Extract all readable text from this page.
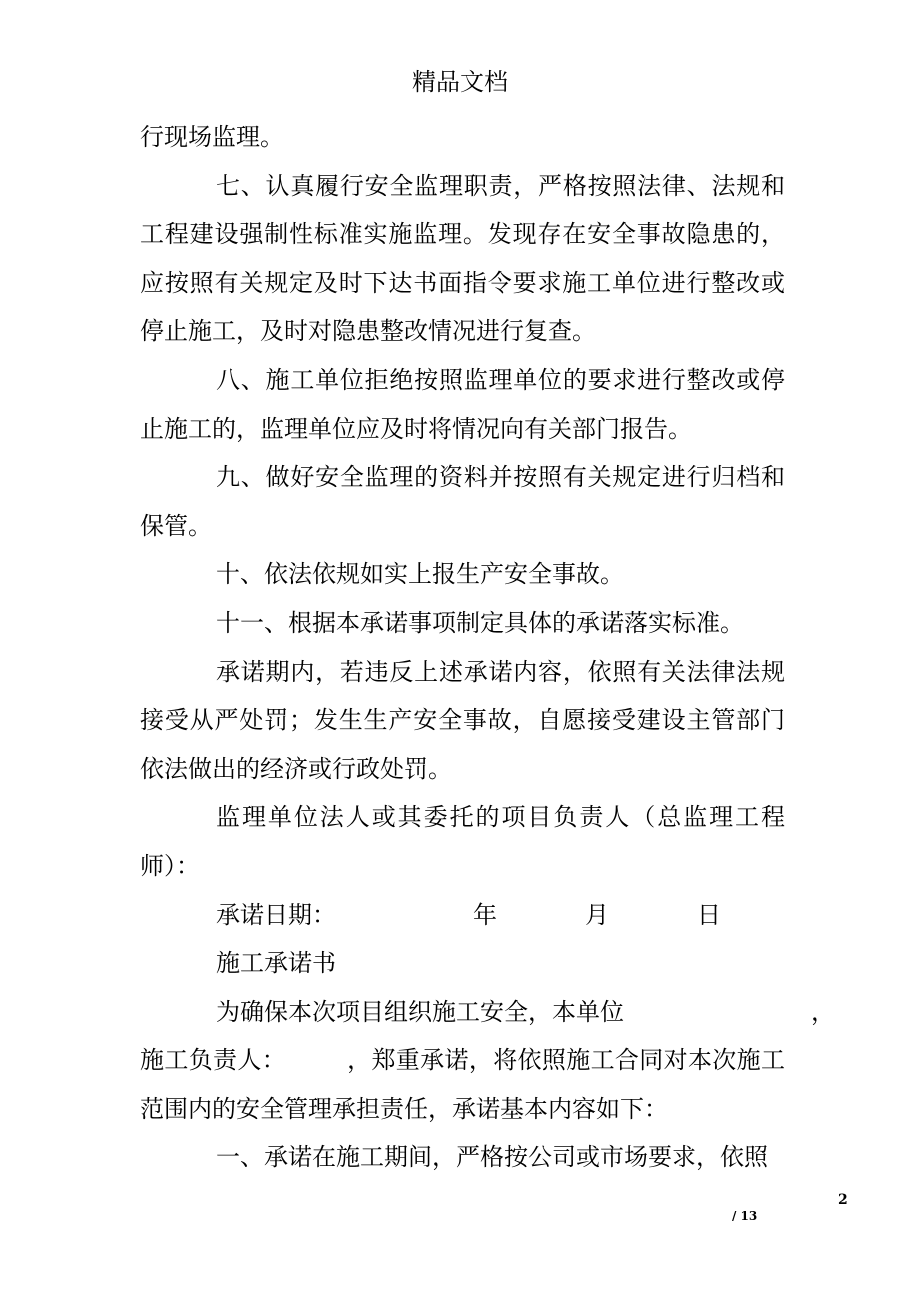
精品文档

行现场监理。

七、认真履行安全监理职责，严格按照法律、法规和工程建设强制性标准实施监理。发现存在安全事故隐患的，应按照有关规定及时下达书面指令要求施工单位进行整改或停止施工，及时对隐患整改情况进行复查。

八、施工单位拒绝按照监理单位的要求进行整改或停止施工的，监理单位应及时将情况向有关部门报告。

九、做好安全监理的资料并按照有关规定进行归档和保管。

十、依法依规如实上报生产安全事故。

十一、根据本承诺事项制定具体的承诺落实标准。

承诺期内，若违反上述承诺内容，依照有关法律法规接受从严处罚；发生生产安全事故，自愿接受建设主管部门依法做出的经济或行政处罚。

监理单位法人或其委托的项目负责人（总监理工程师）：

承诺日期：	年	月	日

施工承诺书

为确保本次项目组织施工安全，本单位	，

施工负责人：　　　，郑重承诺，将依照施工合同对本次施工范围内的安全管理承担责任，承诺基本内容如下：

一、承诺在施工期间，严格按公司或市场要求，依照

2
/ 13
